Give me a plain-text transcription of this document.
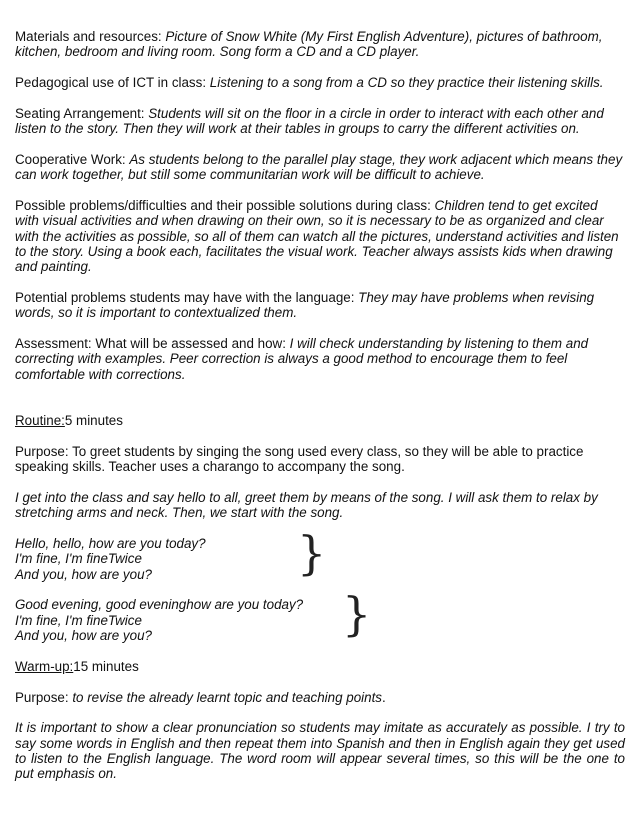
Materials and resources: Picture of Snow White (My First English Adventure), pictures of bathroom, kitchen, bedroom and living room. Song form a CD and a CD player.

Pedagogical use of ICT in class: Listening to a song from a CD so they practice their listening skills.

Seating Arrangement: Students will sit on the floor in a circle in order to interact with each other and listen to the story. Then they will work at their tables in groups to carry the different activities on.

Cooperative Work: As students belong to the parallel play stage, they work adjacent which means they can work together, but still some communitarian work will be difficult to achieve.

Possible problems/difficulties and their possible solutions during class: Children tend to get excited with visual activities and when drawing on their own, so it is necessary to be as organized and clear with the activities as possible, so all of them can watch all the pictures, understand activities and listen to the story. Using a book each, facilitates the visual work. Teacher always assists kids when drawing and painting.

Potential problems students may have with the language: They may have problems when revising words, so it is important to contextualized them.

Assessment: What will be assessed and how: I will check understanding by listening to them and correcting with examples. Peer correction is always a good method to encourage them to feel comfortable with corrections.

Routine:5 minutes

Purpose: To greet students by singing the song used every class, so they will be able to practice speaking skills. Teacher uses a charango to accompany the song.

I get into the class and say hello to all, greet them by means of the song. I will ask them to relax by stretching arms and neck. Then, we start with the song.

Hello, hello, how are you today?
I'm fine, I'm fineTwice
And you, how are you?	}
Good evening, good eveninghow are you today?
I'm fine, I'm fineTwice
And you, how are you?	}

Warm-up:15 minutes

Purpose: to revise the already learnt topic and teaching points.

It is important to show a clear pronunciation so students may imitate as accurately as possible. I try to say some words in English and then repeat them into Spanish and then in English again they get used to listen to the English language. The word room will appear several times, so this will be the one to put emphasis on.
